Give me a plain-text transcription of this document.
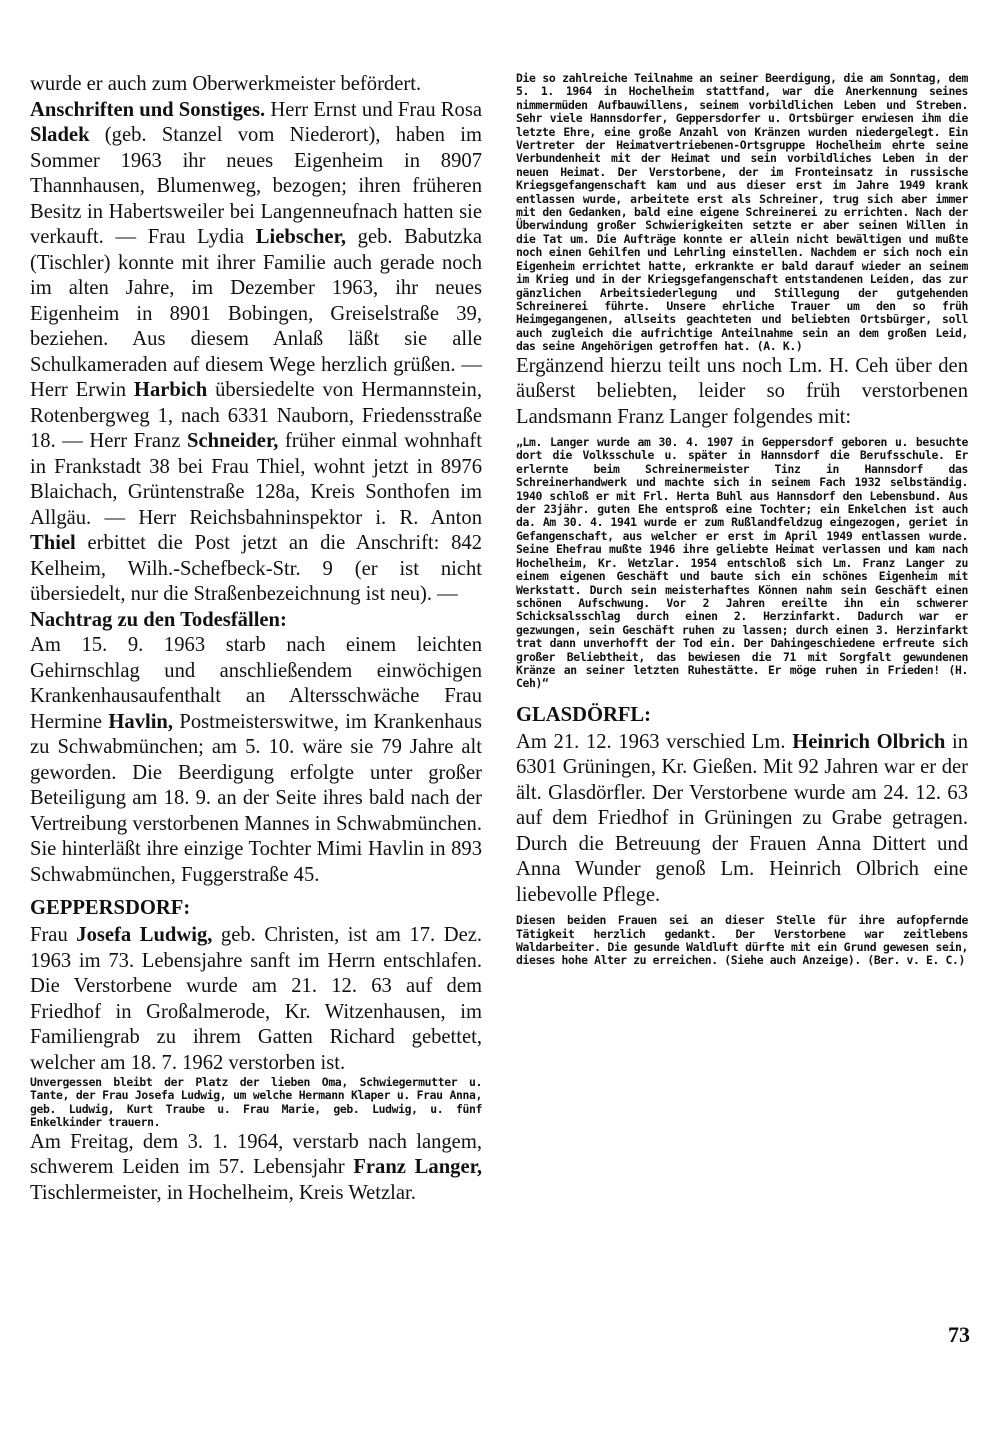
wurde er auch zum Oberwerkmeister befördert.

Anschriften und Sonstiges. Herr Ernst und Frau Rosa Sladek (geb. Stanzel vom Niederort), haben im Sommer 1963 ihr neues Eigenheim in 8907 Thannhausen, Blumenweg, bezogen; ihren früheren Besitz in Habertsweiler bei Langenneufnach hatten sie verkauft. — Frau Lydia Liebscher, geb. Babutzka (Tischler) konnte mit ihrer Familie auch gerade noch im alten Jahre, im Dezember 1963, ihr neues Eigenheim in 8901 Bobingen, Greiselstraße 39, beziehen. Aus diesem Anlaß läßt sie alle Schulkameraden auf diesem Wege herzlich grüßen. — Herr Erwin Harbich übersiedelte von Hermannstein, Rotenbergweg 1, nach 6331 Nauborn, Friedensstraße 18. — Herr Franz Schneider, früher einmal wohnhaft in Frankstadt 38 bei Frau Thiel, wohnt jetzt in 8976 Blaichach, Grüntenstraße 128a, Kreis Sonthofen im Allgäu. — Herr Reichsbahninspektor i. R. Anton Thiel erbittet die Post jetzt an die Anschrift: 842 Kelheim, Wilh.-Schefbeck-Str. 9 (er ist nicht übersiedelt, nur die Straßenbezeichnung ist neu). —

Nachtrag zu den Todesfällen:

Am 15. 9. 1963 starb nach einem leichten Gehirnschlag und anschließendem einwöchigen Krankenhausaufenthalt an Altersschwäche Frau Hermine Havlin, Postmeisterswitwe, im Krankenhaus zu Schwabmünchen; am 5. 10. wäre sie 79 Jahre alt geworden. Die Beerdigung erfolgte unter großer Beteiligung am 18. 9. an der Seite ihres bald nach der Vertreibung verstorbenen Mannes in Schwabmünchen. Sie hinterläßt ihre einzige Tochter Mimi Havlin in 893 Schwabmünchen, Fuggerstraße 45.

GEPPERSDORF:

Frau Josefa Ludwig, geb. Christen, ist am 17. Dez. 1963 im 73. Lebensjahre sanft im Herrn entschlafen. Die Verstorbene wurde am 21. 12. 63 auf dem Friedhof in Großalmerode, Kr. Witzenhausen, im Familiengrab zu ihrem Gatten Richard gebettet, welcher am 18. 7. 1962 verstorben ist.

Unvergessen bleibt der Platz der lieben Oma, Schwiegermutter u. Tante, der Frau Josefa Ludwig, um welche Hermann Klaper u. Frau Anna, geb. Ludwig, Kurt Traube u. Frau Marie, geb. Ludwig, u. fünf Enkelkinder trauern.

Am Freitag, dem 3. 1. 1964, verstarb nach langem, schwerem Leiden im 57. Lebensjahr Franz Langer, Tischlermeister, in Hochelheim, Kreis Wetzlar.

Die so zahlreiche Teilnahme an seiner Beerdigung, die am Sonntag, dem 5. 1. 1964 in Hochelheim stattfand, war die Anerkennung seines nimmermüden Aufbauwillens, seinem vorbildlichen Leben und Streben. Sehr viele Hannsdorfer, Geppersdorfer u. Ortsbürger erwiesen ihm die letzte Ehre, eine große Anzahl von Kränzen wurden niedergelegt. Ein Vertreter der Heimatvertriebenen-Ortsgruppe Hochelheim ehrte seine Verbundenheit mit der Heimat und sein vorbildliches Leben in der neuen Heimat. Der Verstorbene, der im Fronteinsatz in russische Kriegsgefangenschaft kam und aus dieser erst im Jahre 1949 krank entlassen wurde, arbeitete erst als Schreiner, trug sich aber immer mit den Gedanken, bald eine eigene Schreinerei zu errichten. Nach der Überwindung großer Schwierigkeiten setzte er aber seinen Willen in die Tat um. Die Aufträge konnte er allein nicht bewältigen und mußte noch einen Gehilfen und Lehrling einstellen. Nachdem er sich noch ein Eigenheim errichtet hatte, erkrankte er bald darauf wieder an seinem im Krieg und in der Kriegsgefangenschaft entstandenen Leiden, das zur gänzlichen Arbeitsiederlegung und Stillegung der gutgehenden Schreinerei führte. Unsere ehrliche Trauer um den so früh Heimgegangenen, allseits geachteten und beliebten Ortsbürger, soll auch zugleich die aufrichtige Anteilnahme sein an dem großen Leid, das seine Angehörigen getroffen hat. (A. K.)

Ergänzend hierzu teilt uns noch Lm. H. Ceh über den äußerst beliebten, leider so früh verstorbenen Landsmann Franz Langer folgendes mit:

„Lm. Langer wurde am 30. 4. 1907 in Geppersdorf geboren u. besuchte dort die Volksschule u. später in Hannsdorf die Berufsschule. Er erlernte beim Schreinermeister Tinz in Hannsdorf das Schreinerhandwerk und machte sich in seinem Fach 1932 selbständig. 1940 schloß er mit Frl. Herta Buhl aus Hannsdorf den Lebensbund. Aus der 23jähr. guten Ehe entsproß eine Tochter; ein Enkelchen ist auch da. Am 30. 4. 1941 wurde er zum Rußlandfeldzug eingezogen, geriet in Gefangenschaft, aus welcher er erst im April 1949 entlassen wurde. Seine Ehefrau mußte 1946 ihre geliebte Heimat verlassen und kam nach Hochelheim, Kr. Wetzlar. 1954 entschloß sich Lm. Franz Langer zu einem eigenen Geschäft und baute sich ein schönes Eigenheim mit Werkstatt. Durch sein meisterhaftes Können nahm sein Geschäft einen schönen Aufschwung. Vor 2 Jahren ereilte ihn ein schwerer Schicksalsschlag durch einen 2. Herzinfarkt. Dadurch war er gezwungen, sein Geschäft ruhen zu lassen; durch einen 3. Herzinfarkt trat dann unverhofft der Tod ein. Der Dahingeschiedene erfreute sich großer Beliebtheit, das bewiesen die 71 mit Sorgfalt gewundenen Kränze an seiner letzten Ruhestätte. Er möge ruhen in Frieden! (H. Ceh)“

GLASDÖRFL:

Am 21. 12. 1963 verschied Lm. Heinrich Olbrich in 6301 Grüningen, Kr. Gießen. Mit 92 Jahren war er der ält. Glasdörfler. Der Verstorbene wurde am 24. 12. 63 auf dem Friedhof in Grüningen zu Grabe getragen. Durch die Betreuung der Frauen Anna Dittert und Anna Wunder genoß Lm. Heinrich Olbrich eine liebevolle Pflege.

Diesen beiden Frauen sei an dieser Stelle für ihre aufopfernde Tätigkeit herzlich gedankt. Der Verstorbene war zeitlebens Waldarbeiter. Die gesunde Waldluft dürfte mit ein Grund gewesen sein, dieses hohe Alter zu erreichen. (Siehe auch Anzeige). (Ber. v. E. C.)

73
